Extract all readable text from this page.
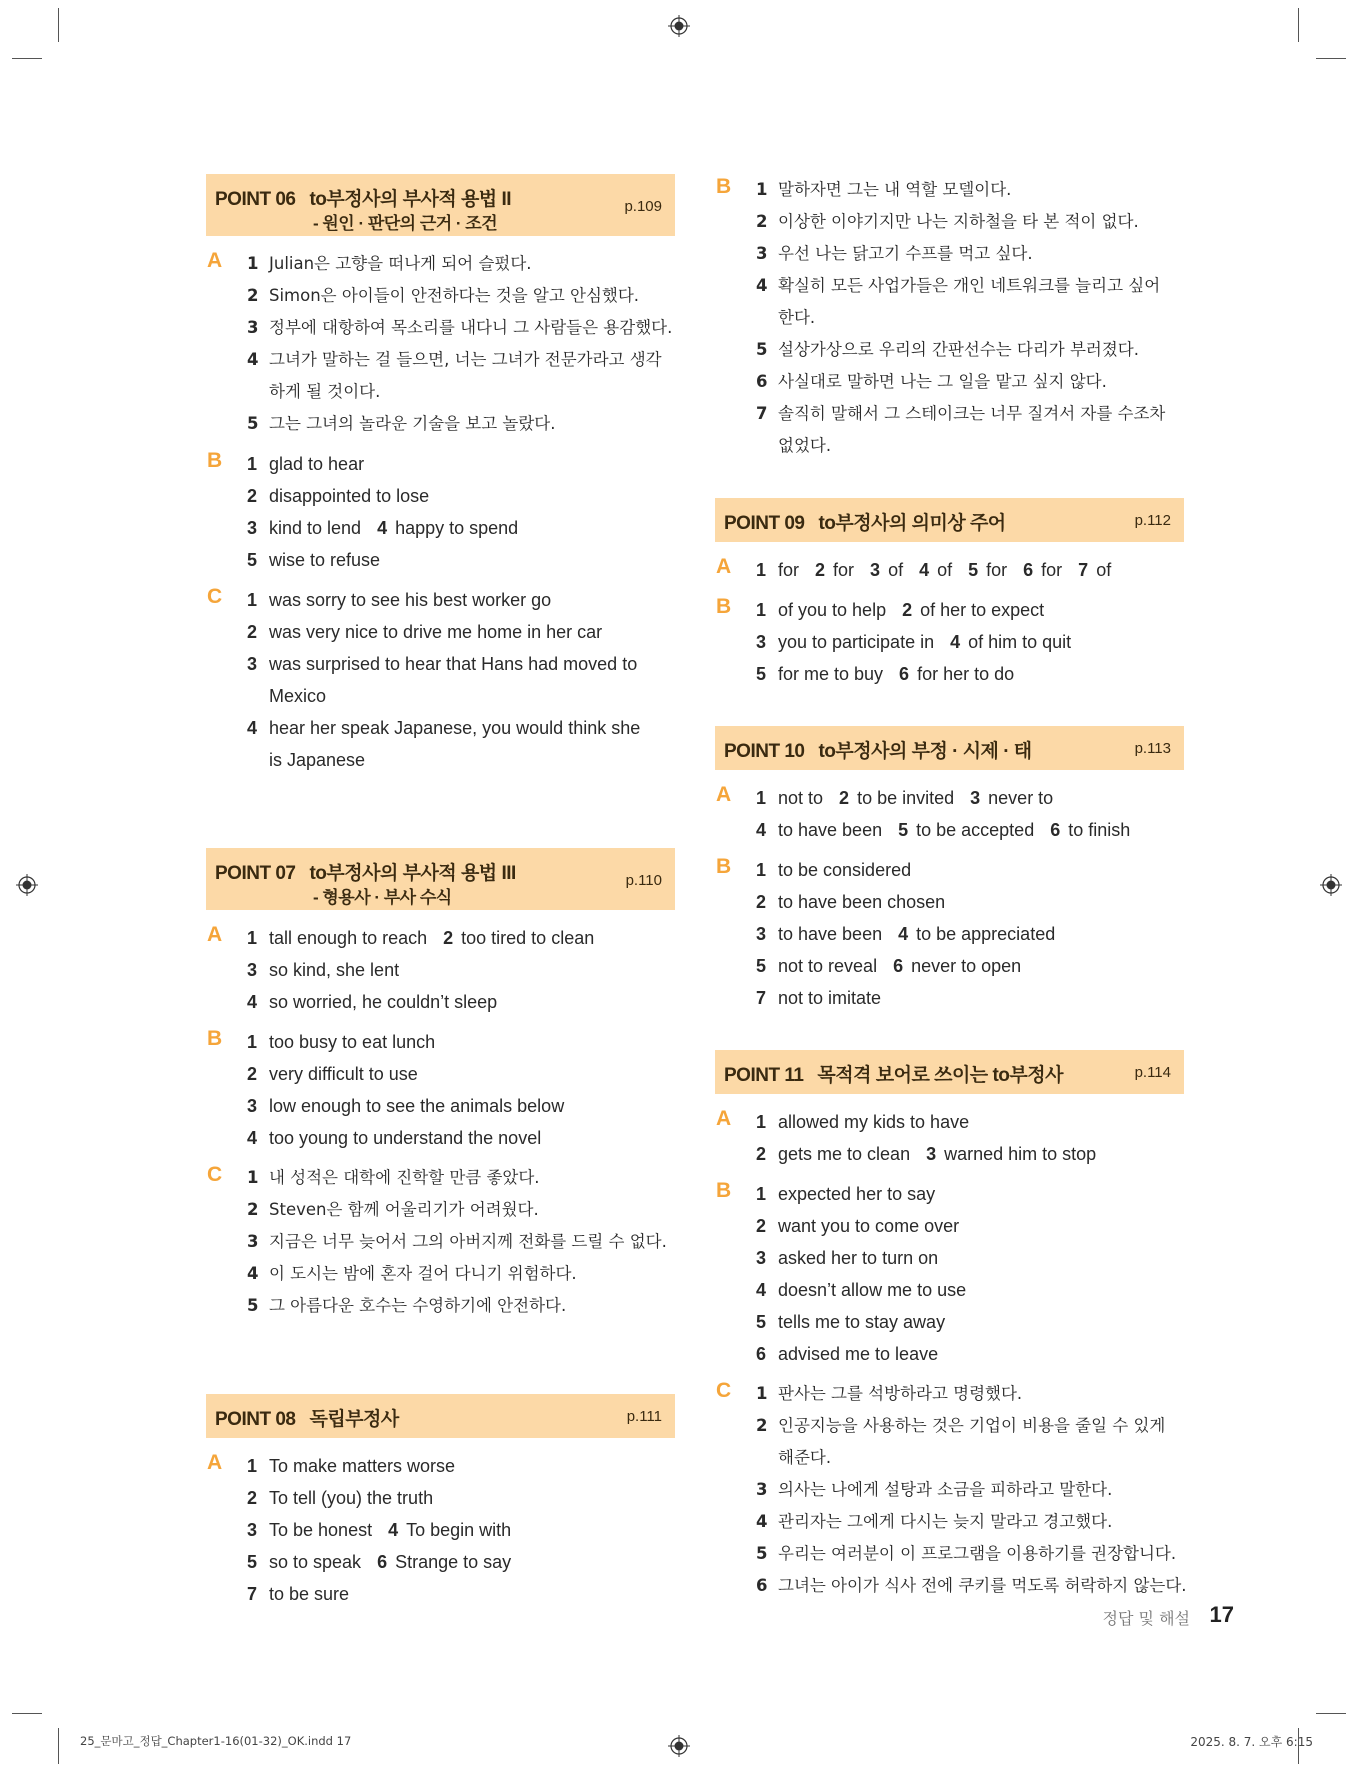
POINT 06 to부정사의 부사적 용법 II
- 원인 · 판단의 근거 · 조건
p.109
A 1 Julian은 고향을 떠나게 되어 슬펐다.
2 Simon은 아이들이 안전하다는 것을 알고 안심했다.
3 정부에 대항하여 목소리를 내다니 그 사람들은 용감했다.
4 그녀가 말하는 걸 들으면, 너는 그녀가 전문가라고 생각
하게 될 것이다.
5 그는 그녀의 놀라운 기술을 보고 놀랐다.
B 1 glad to hear
2 disappointed to lose
3 kind to lend 4 happy to spend
5 wise to refuse
C 1 was sorry to see his best worker go
2 was very nice to drive me home in her car
3 was surprised to hear that Hans had moved to
Mexico
4 hear her speak Japanese, you would think she
is Japanese
POINT 07 to부정사의 부사적 용법 III
- 형용사 · 부사 수식
p.110
A 1 tall enough to reach 2 too tired to clean
3 so kind, she lent
4 so worried, he couldn’t sleep
B 1 too busy to eat lunch
2 very difficult to use
3 low enough to see the animals below
4 too young to understand the novel
C 1 내 성적은 대학에 진학할 만큼 좋았다.
2 Steven은 함께 어울리기가 어려웠다.
3 지금은 너무 늦어서 그의 아버지께 전화를 드릴 수 없다.
4 이 도시는 밤에 혼자 걸어 다니기 위험하다.
5 그 아름다운 호수는 수영하기에 안전하다.
POINT 08 독립부정사	p.111
A 1 To make matters worse
2 To tell (you) the truth
3 To be honest 4 To begin with
5 so to speak 6 Strange to say
7 to be sure
B 1 말하자면 그는 내 역할 모델이다.
2 이상한 이야기지만 나는 지하철을 타 본 적이 없다.
3 우선 나는 닭고기 수프를 먹고 싶다.
4 확실히 모든 사업가들은 개인 네트워크를 늘리고 싶어
한다.
5 설상가상으로 우리의 간판선수는 다리가 부러졌다.
6 사실대로 말하면 나는 그 일을 맡고 싶지 않다.
7 솔직히 말해서 그 스테이크는 너무 질겨서 자를 수조차
없었다.
POINT 09 to부정사의 의미상 주어	p.112
A 1 for 2 for 3 of 4 of 5 for 6 for 7 of
B 1 of you to help 2 of her to expect
3 you to participate in 4 of him to quit
5 for me to buy 6 for her to do
POINT 10 to부정사의 부정 · 시제 · 태	p.113
A 1 not to 2 to be invited 3 never to
4 to have been 5 to be accepted 6 to finish
B 1 to be considered
2 to have been chosen
3 to have been 4 to be appreciated
5 not to reveal 6 never to open
7 not to imitate
POINT 11 목적격 보어로 쓰이는 to부정사	p.114
A 1 allowed my kids to have
2 gets me to clean 3 warned him to stop
B 1 expected her to say
2 want you to come over
3 asked her to turn on
4 doesn’t allow me to use
5 tells me to stay away
6 advised me to leave
C 1 판사는 그를 석방하라고 명령했다.
2 인공지능을 사용하는 것은 기업이 비용을 줄일 수 있게
해준다.
3 의사는 나에게 설탕과 소금을 피하라고 말한다.
4 관리자는 그에게 다시는 늦지 말라고 경고했다.
5 우리는 여러분이 이 프로그램을 이용하기를 권장합니다.
6 그녀는 아이가 식사 전에 쿠키를 먹도록 허락하지 않는다.
정답 및 해설 17
25_문마고_정답_Chapter1-16(01-32)_OK.indd 17	2025. 8. 7. 오후 6:15
